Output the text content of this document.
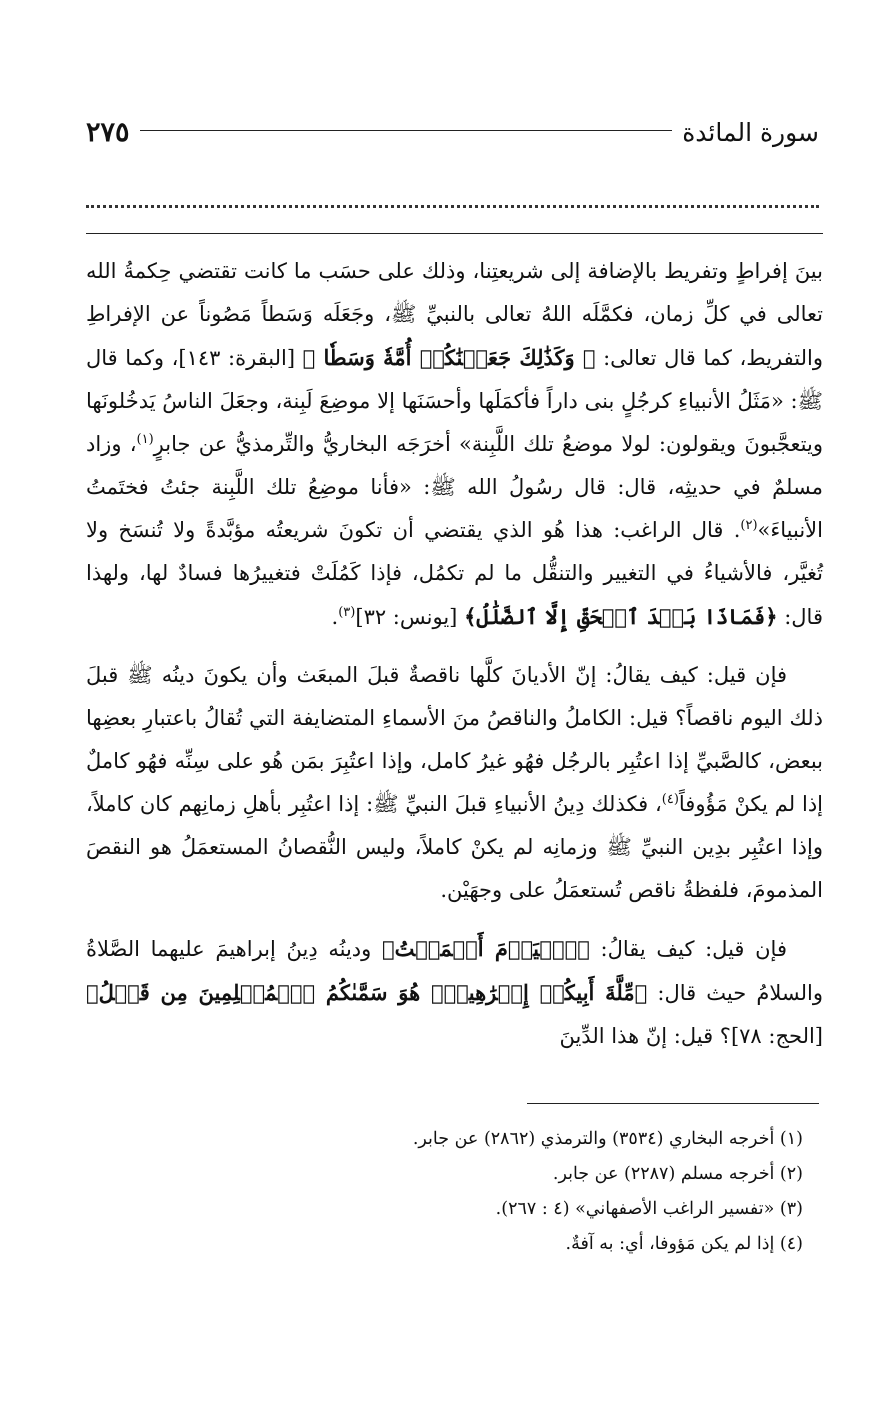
سورة المائدة
٢٧٥

بينَ إفراطٍ وتفريط بالإضافة إلى شريعتِنا، وذلك على حسَب ما كانت تقتضي حِكمةُ الله تعالى في كلِّ زمان، فكمَّلَه اللهُ تعالى بالنبيِّ ﷺ، وجَعَلَه وَسَطاً مَصُوناً عن الإفراطِ والتفريط، كما قال تعالى: ﴿ وَكَذَٰلِكَ جَعَلۡنَٰكُمۡ أُمَّةٗ وَسَطٗا ﴾ [البقرة: ١٤٣]، وكما قال ﷺ: «مَثَلُ الأنبياءِ كرجُلٍ بنى داراً فأكمَلَها وأحسَنَها إلا موضِعَ لَبِنة، وجعَلَ الناسُ يَدخُلونَها ويتعجَّبونَ ويقولون: لولا موضعُ تلك اللَّبِنة» أخرَجَه البخاريُّ والتِّرمذيُّ عن جابرٍ$^{(١)}$، وزاد مسلمٌ في حديثِه، قال: قال رسُولُ الله ﷺ: «فأنا موضِعُ تلك اللَّبِنة جئتُ فختَمتُ الأنبياءَ»$^{(٢)}$. قال الراغب: هذا هُو الذي يقتضي أن تكونَ شريعتُه مؤبَّدةً ولا تُنسَخ ولا تُغيَّر، فالأشياءُ في التغيير والتنقُّل ما لم تكمُل، فإذا كَمُلَتْ فتغييرُها فسادٌ لها، ولهذا قال: ﴿فَمَاذَا بَعۡدَ ٱلۡحَقِّ إِلَّا ٱلضَّلَٰلُ﴾ [يونس: ٣٢]$^{(٣)}$.

فإن قيل: كيف يقالُ: إنّ الأديانَ كلَّها ناقصةٌ قبلَ المبعَث وأن يكونَ دينُه ﷺ قبلَ ذلك اليوم ناقصاً؟ قيل: الكاملُ والناقصُ منَ الأسماءِ المتضايفة التي تُقالُ باعتبارِ بعضِها ببعض، كالصَّبيِّ إذا اعتُبِر بالرجُل فهُو غيرُ كامل، وإذا اعتُبِرَ بمَن هُو على سِنِّه فهُو كاملٌ إذا لم يكنْ مَؤُوفاً$^{(٤)}$، فكذلك دِينُ الأنبياءِ قبلَ النبيِّ ﷺ: إذا اعتُبِر بأهلِ زمانِهم كان كاملاً، وإذا اعتُبِر بدِين النبيِّ ﷺ وزمانِه لم يكنْ كاملاً، وليس النُّقصانُ المستعمَلُ هو النقصَ المذمومَ، فلفظةُ ناقص تُستعمَلُ على وجهَيْن.

فإن قيل: كيف يقالُ: ﴿ٱلۡيَوۡمَ أَكۡمَلۡتُ﴾ ودينُه دِينُ إبراهيمَ عليهما الصَّلاةُ والسلامُ حيث قال: ﴿مِّلَّةَ أَبِيكُمۡ إِبۡرَٰهِيمَۚ هُوَ سَمَّىٰكُمُ ٱلۡمُسۡلِمِينَ مِن قَبۡلُ﴾ [الحج: ٧٨]؟ قيل: إنّ هذا الدِّينَ

(١) أخرجه البخاري (٣٥٣٤) والترمذي (٢٨٦٢) عن جابر.
(٢) أخرجه مسلم (٢٢٨٧) عن جابر.
(٣) «تفسير الراغب الأصفهاني» (٤ : ٢٦٧).
(٤) إذا لم يكن مَؤوفا، أي: به آفةٌ.
